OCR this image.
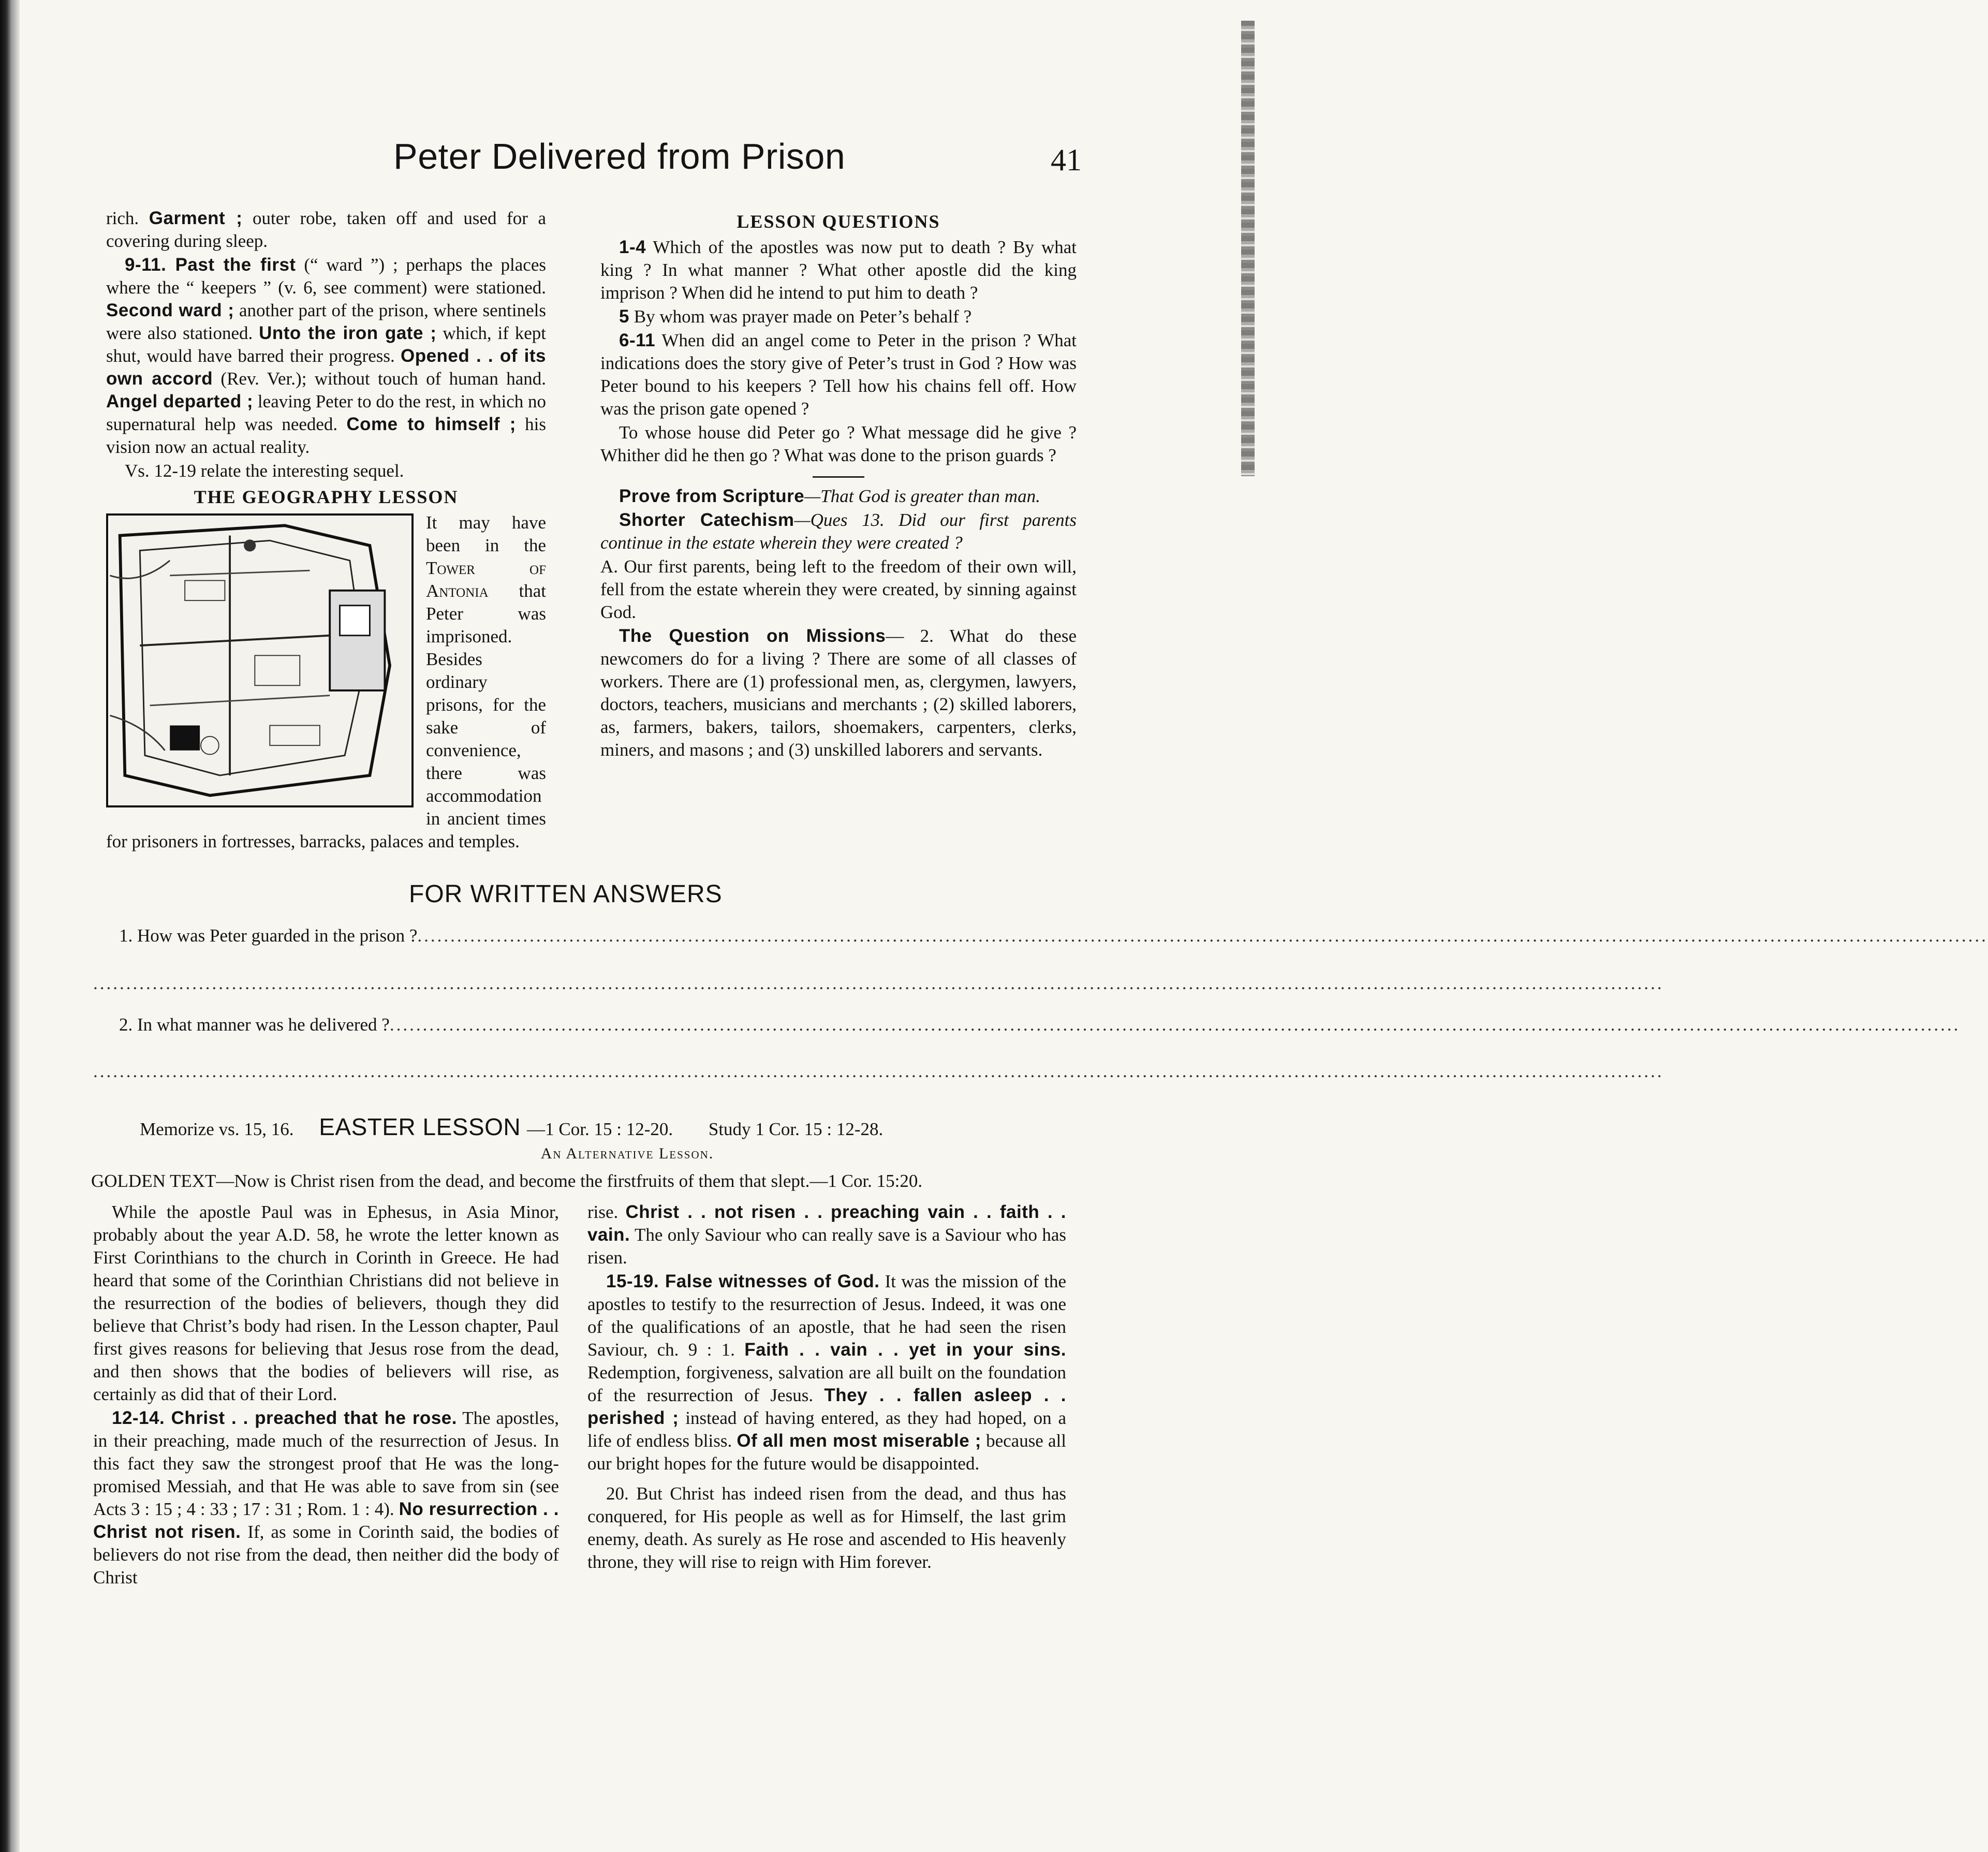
Peter Delivered from Prison	41

rich. Garment ; outer robe, taken off and used for a covering during sleep.

9-11. Past the first (“ ward ”) ; perhaps the places where the “ keepers ” (v. 6, see comment) were stationed. Second ward ; another part of the prison, where sentinels were also stationed. Unto the iron gate ; which, if kept shut, would have barred their progress. Opened . . of its own accord (Rev. Ver.); without touch of human hand. Angel departed ; leaving Peter to do the rest, in which no supernatural help was needed. Come to himself ; his vision now an actual reality.

Vs. 12-19 relate the interesting sequel.

THE GEOGRAPHY LESSON

It may have been in the Tower of Antonia that Peter was imprisoned. Besides ordinary prisons, for the sake of convenience, there was accommodation in ancient times for prisoners in fortresses, barracks, palaces and temples.

LESSON QUESTIONS

1-4 Which of the apostles was now put to death ? By what king ? In what manner ? What other apostle did the king imprison ? When did he intend to put him to death ?

5 By whom was prayer made on Peter’s behalf ?

6-11 When did an angel come to Peter in the prison ? What indications does the story give of Peter’s trust in God ? How was Peter bound to his keepers ? Tell how his chains fell off. How was the prison gate opened ?

To whose house did Peter go ? What message did he give ? Whither did he then go ? What was done to the prison guards ?

Prove from Scripture—That God is greater than man.

Shorter Catechism—Ques 13. Did our first parents continue in the estate wherein they were created ?

A. Our first parents, being left to the freedom of their own will, fell from the estate wherein they were created, by sinning against God.

The Question on Missions— 2. What do these newcomers do for a living ? There are some of all classes of workers. There are (1) professional men, as, clergymen, lawyers, doctors, teachers, musicians and merchants ; (2) skilled laborers, as, farmers, bakers, tailors, shoemakers, carpenters, clerks, miners, and masons ; and (3) unskilled laborers and servants.

FOR WRITTEN ANSWERS
1. How was Peter guarded in the prison ?..............................................................................................................................................................................................................................................
..............................................................................................................................................................................................................................................
2. In what manner was he delivered ?..............................................................................................................................................................................................................................................
..............................................................................................................................................................................................................................................
Memorize vs. 15, 16. EASTER LESSON —1 Cor. 15 : 12-20. Study 1 Cor. 15 : 12-28.
An Alternative Lesson.
GOLDEN TEXT—Now is Christ risen from the dead, and become the firstfruits of them that slept.—1 Cor. 15:20.

While the apostle Paul was in Ephesus, in Asia Minor, probably about the year A.D. 58, he wrote the letter known as First Corinthians to the church in Corinth in Greece. He had heard that some of the Corinthian Christians did not believe in the resurrection of the bodies of believers, though they did believe that Christ’s body had risen. In the Lesson chapter, Paul first gives reasons for believing that Jesus rose from the dead, and then shows that the bodies of believers will rise, as certainly as did that of their Lord.

12-14. Christ . . preached that he rose. The apostles, in their preaching, made much of the resurrection of Jesus. In this fact they saw the strongest proof that He was the long-promised Messiah, and that He was able to save from sin (see Acts 3 : 15 ; 4 : 33 ; 17 : 31 ; Rom. 1 : 4). No resurrection . . Christ not risen. If, as some in Corinth said, the bodies of believers do not rise from the dead, then neither did the body of Christ

rise. Christ . . not risen . . preaching vain . . faith . . vain. The only Saviour who can really save is a Saviour who has risen.

15-19. False witnesses of God. It was the mission of the apostles to testify to the resurrection of Jesus. Indeed, it was one of the qualifications of an apostle, that he had seen the risen Saviour, ch. 9 : 1. Faith . . vain . . yet in your sins. Redemption, forgiveness, salvation are all built on the foundation of the resurrection of Jesus. They . . fallen asleep . . perished ; instead of having entered, as they had hoped, on a life of endless bliss. Of all men most miserable ; because all our bright hopes for the future would be disappointed.

20. But Christ has indeed risen from the dead, and thus has conquered, for His people as well as for Himself, the last grim enemy, death. As surely as He rose and ascended to His heavenly throne, they will rise to reign with Him forever.
